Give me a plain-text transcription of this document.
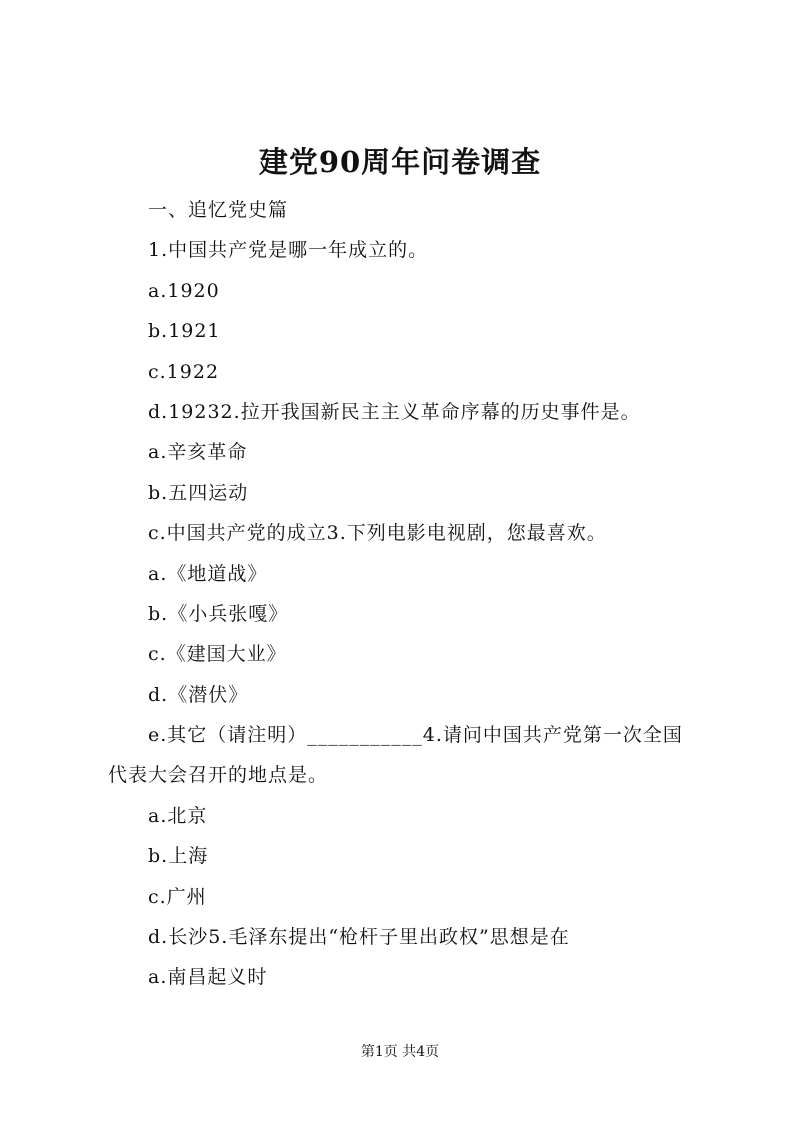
建党90周年问卷调查
一、追忆党史篇
1.中国共产党是哪一年成立的。
a.1920
b.1921
c.1922
d.19232.拉开我国新民主主义革命序幕的历史事件是。
a.辛亥革命
b.五四运动
c.中国共产党的成立3.下列电影电视剧，您最喜欢。
a.《地道战》
b.《小兵张嘎》
c.《建国大业》
d.《潜伏》
e.其它（请注明）___________4.请问中国共产党第一次全国代表大会召开的地点是。
a.北京
b.上海
c.广州
d.长沙5.毛泽东提出“枪杆子里出政权”思想是在
a.南昌起义时
第1页 共4页
